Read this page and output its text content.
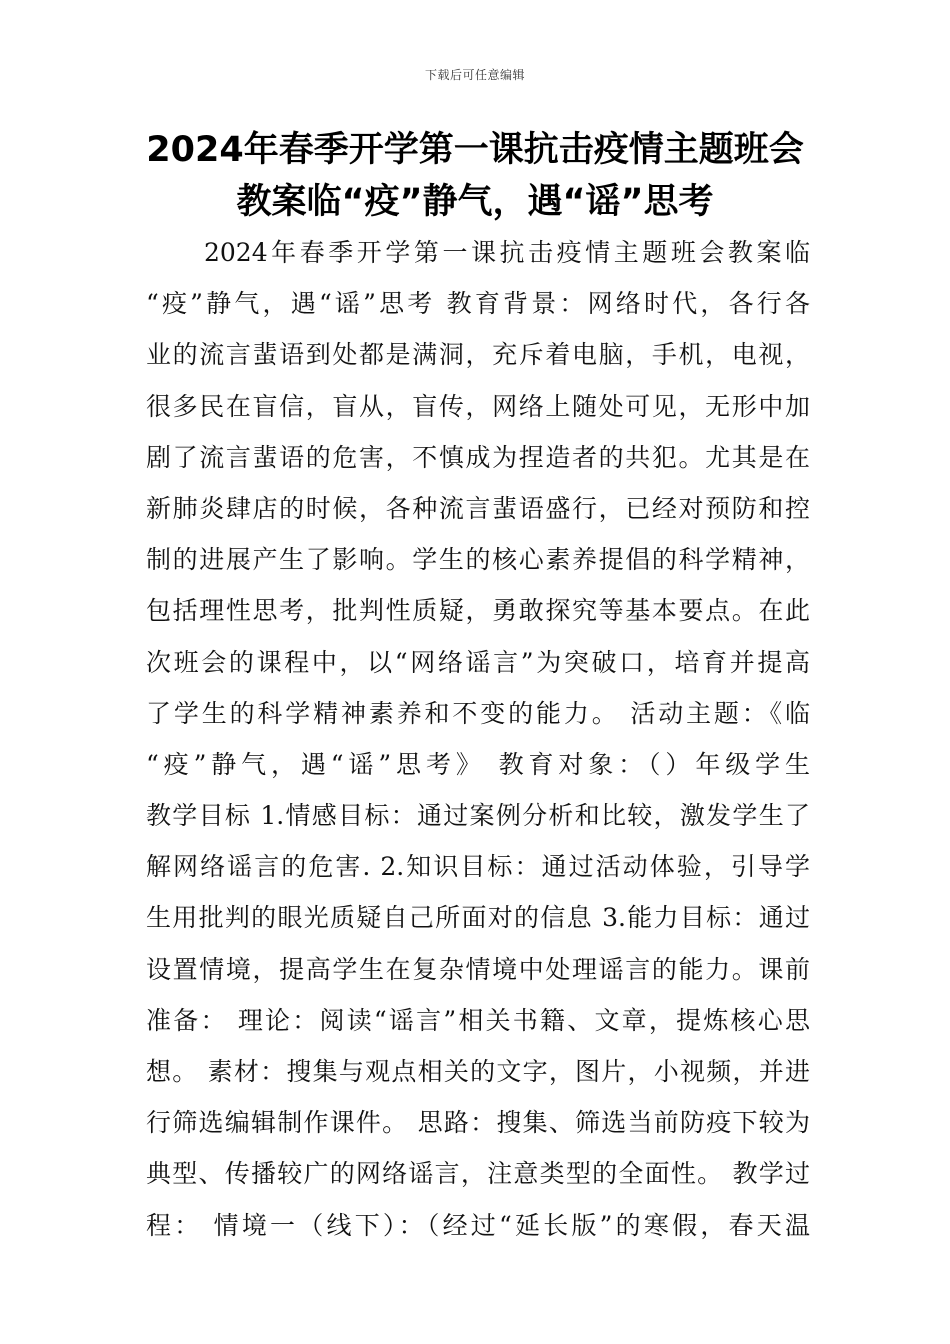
下载后可任意编辑
2024年春季开学第一课抗击疫情主题班会
教案临“疫”静气，遇“谣”思考
2024年春季开学第一课抗击疫情主题班会教案临
“疫”静气，遇“谣”思考 教育背景：网络时代，各行各
业的流言蜚语到处都是满洞，充斥着电脑，手机，电视，
很多民在盲信，盲从，盲传，网络上随处可见，无形中加
剧了流言蜚语的危害，不慎成为捏造者的共犯。尤其是在
新肺炎肆店的时候，各种流言蜚语盛行，已经对预防和控
制的进展产生了影响。学生的核心素养提倡的科学精神，
包括理性思考，批判性质疑，勇敢探究等基本要点。在此
次班会的课程中，以“网络谣言”为突破口，培育并提高
了学生的科学精神素养和不变的能力。 活动主题：《临
“疫”静气，遇“谣”思考》 教育对象：（）年级学生
教学目标 1.情感目标：通过案例分析和比较，激发学生了
解网络谣言的危害. 2.知识目标：通过活动体验，引导学
生用批判的眼光质疑自己所面对的信息 3.能力目标：通过
设置情境，提高学生在复杂情境中处理谣言的能力。课前
准备： 理论：阅读“谣言”相关书籍、文章，提炼核心思
想。 素材：搜集与观点相关的文字，图片，小视频，并进
行筛选编辑制作课件。 思路：搜集、筛选当前防疫下较为
典型、传播较广的网络谣言，注意类型的全面性。 教学过
程： 情境一（线下）：（经过“延长版”的寒假，春天温
